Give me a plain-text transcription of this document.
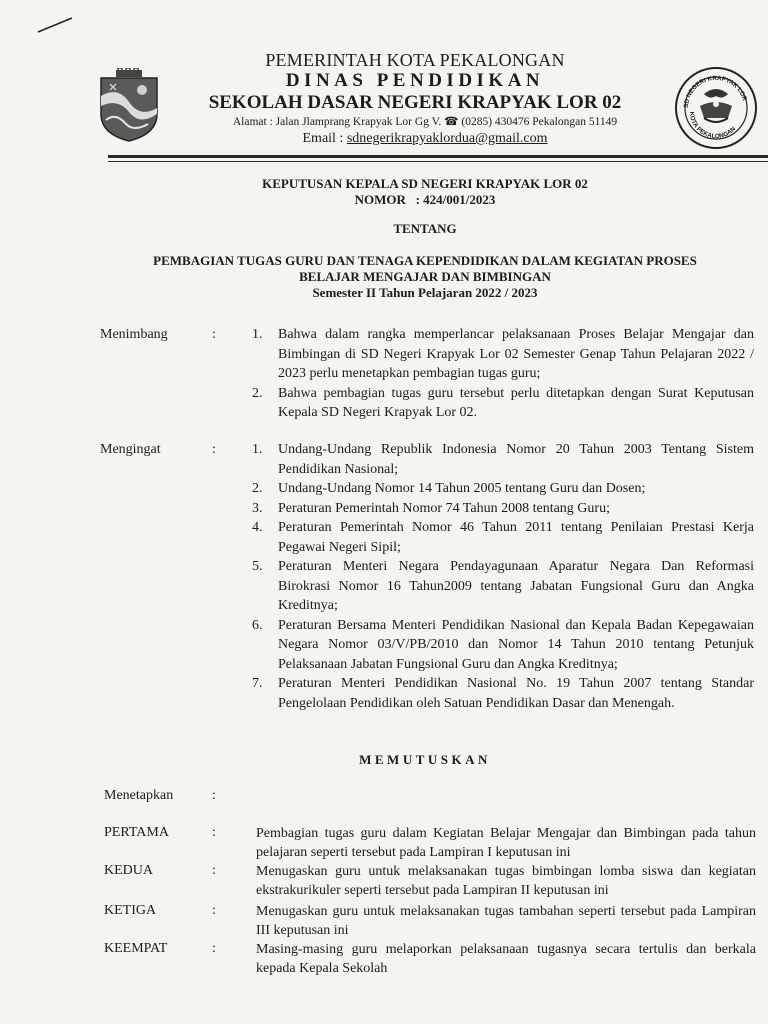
PEMERINTAH KOTA PEKALONGAN
DINAS PENDIDIKAN
SEKOLAH DASAR NEGERI KRAPYAK LOR 02
Alamat : Jalan Jlamprang Krapyak Lor Gg V. ☎ (0285) 430476 Pekalongan 51149
Email : sdnegerikrapyaklordua@gmail.com
SD NEGERI KRAPYAK LOR
KOTA PEKALONGAN
KEPUTUSAN KEPALA SD NEGERI KRAPYAK LOR 02
NOMOR   : 424/001/2023
TENTANG
PEMBAGIAN TUGAS GURU DAN TENAGA KEPENDIDIKAN DALAM KEGIATAN PROSES
BELAJAR MENGAJAR DAN BIMBINGAN
Semester II Tahun Pelajaran 2022 / 2023
Menimbang	:	1. Bahwa dalam rangka memperlancar pelaksanaan Proses Belajar Mengajar dan Bimbingan di SD Negeri Krapyak Lor 02 Semester Genap Tahun Pelajaran 2022 / 2023 perlu menetapkan pembagian tugas guru;
2. Bahwa pembagian tugas guru tersebut perlu ditetapkan dengan Surat Keputusan Kepala SD Negeri Krapyak Lor 02.
Mengingat	:	1. Undang-Undang Republik Indonesia Nomor 20 Tahun 2003 Tentang Sistem Pendidikan Nasional;
2. Undang-Undang Nomor 14 Tahun 2005 tentang Guru dan Dosen;
3. Peraturan Pemerintah Nomor 74 Tahun 2008 tentang Guru;
4. Peraturan Pemerintah Nomor 46 Tahun 2011 tentang Penilaian Prestasi Kerja Pegawai Negeri Sipil;
5. Peraturan Menteri Negara Pendayagunaan Aparatur Negara Dan Reformasi Birokrasi Nomor 16 Tahun2009 tentang Jabatan Fungsional Guru dan Angka Kreditnya;
6. Peraturan Bersama Menteri Pendidikan Nasional dan Kepala Badan Kepegawaian Negara Nomor 03/V/PB/2010 dan Nomor 14 Tahun 2010 tentang Petunjuk Pelaksanaan Jabatan Fungsional Guru dan Angka Kreditnya;
7. Peraturan Menteri Pendidikan Nasional No. 19 Tahun 2007 tentang Standar Pengelolaan Pendidikan oleh Satuan Pendidikan Dasar dan Menengah.
MEMUTUSKAN
Menetapkan	:
PERTAMA	:	Pembagian tugas guru dalam Kegiatan Belajar Mengajar dan Bimbingan pada tahun pelajaran seperti tersebut pada Lampiran I keputusan ini
KEDUA	:	Menugaskan guru untuk melaksanakan tugas bimbingan lomba siswa dan kegiatan ekstrakurikuler seperti tersebut pada Lampiran II keputusan ini
KETIGA	:	Menugaskan guru untuk melaksanakan tugas tambahan seperti tersebut pada Lampiran III keputusan ini
KEEMPAT	:	Masing-masing guru melaporkan pelaksanaan tugasnya secara tertulis dan berkala kepada Kepala Sekolah
